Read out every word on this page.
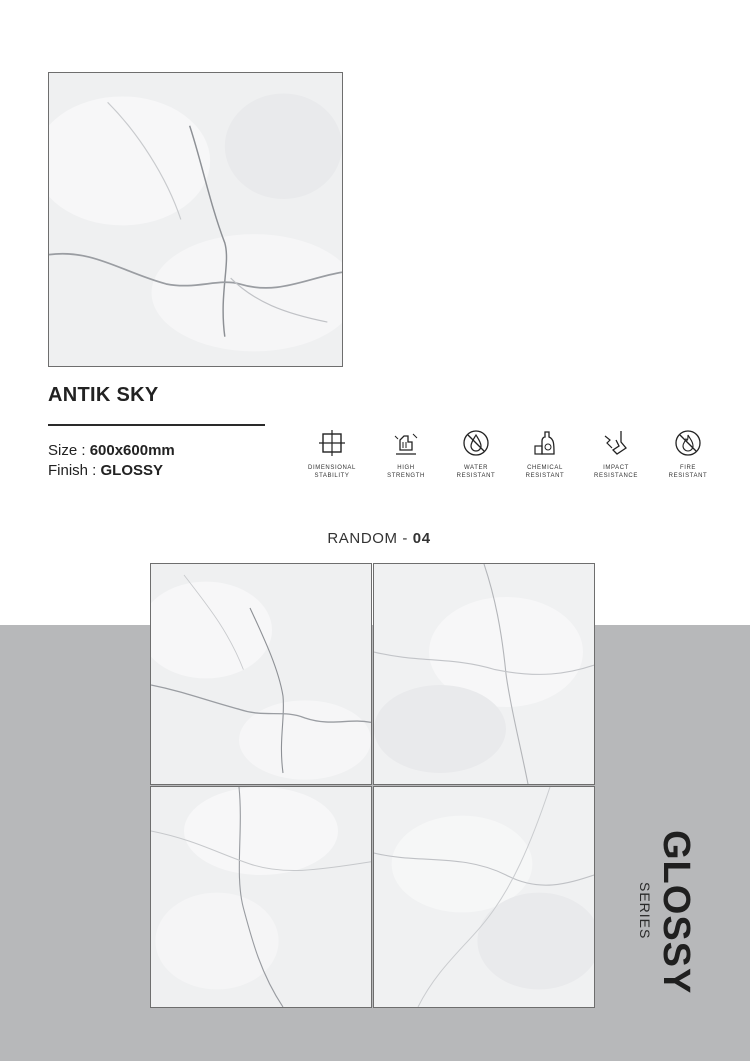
ANTIK SKY
Size : 600x600mm
Finish : GLOSSY	DIMENSIONAL
STABILITY
HIGH
STRENGTH
WATER
RESISTANT
CHEMICAL
RESISTANT
IMPACT
RESISTANCE
FIRE
RESISTANT
RANDOM - 04
GLOSSY
SERIES
